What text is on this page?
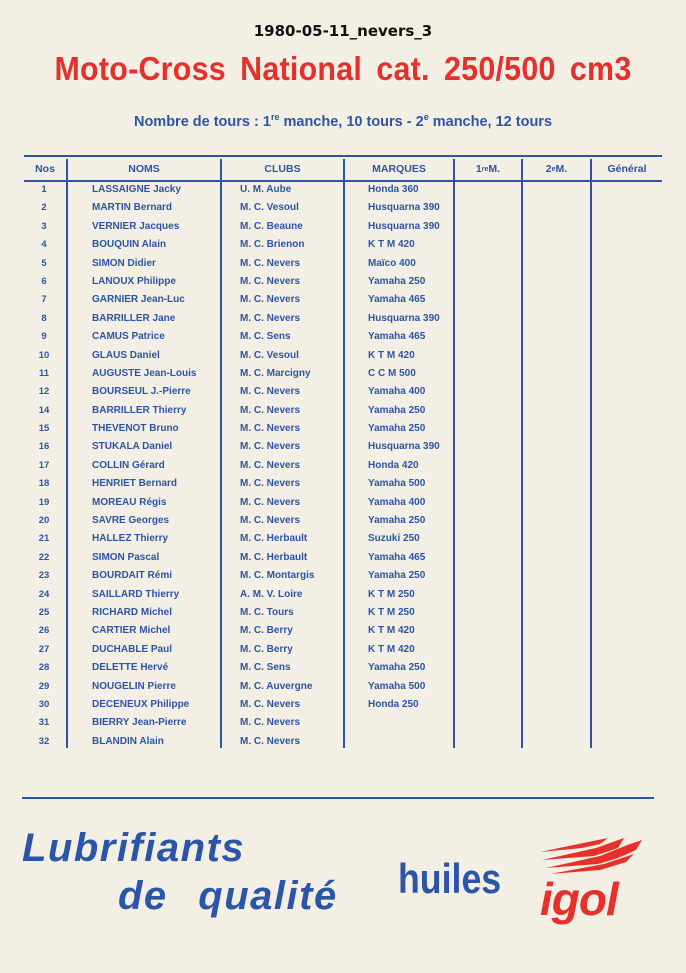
1980-05-11_nevers_3
Moto-Cross National cat. 250/500 cm3
Nombre de tours : 1re manche, 10 tours - 2e manche, 12 tours
Nos	NOMS	CLUBS	MARQUES	1 re M.	2 e M.	Général
1	LASSAIGNE Jacky	U. M. Aube	Honda 360
2	MARTIN Bernard	M. C. Vesoul	Husquarna 390
3	VERNIER Jacques	M. C. Beaune	Husquarna 390
4	BOUQUIN Alain	M. C. Brienon	K T M 420
5	SIMON Didier	M. C. Nevers	Maïco 400
6	LANOUX Philippe	M. C. Nevers	Yamaha 250
7	GARNIER Jean-Luc	M. C. Nevers	Yamaha 465
8	BARRILLER Jane	M. C. Nevers	Husquarna 390
9	CAMUS Patrice	M. C. Sens	Yamaha 465
10	GLAUS Daniel	M. C. Vesoul	K T M 420
11	AUGUSTE Jean-Louis	M. C. Marcigny	C C M 500
12	BOURSEUL J.-Pierre	M. C. Nevers	Yamaha 400
14	BARRILLER Thierry	M. C. Nevers	Yamaha 250
15	THEVENOT Bruno	M. C. Nevers	Yamaha 250
16	STUKALA Daniel	M. C. Nevers	Husquarna 390
17	COLLIN Gérard	M. C. Nevers	Honda 420
18	HENRIET Bernard	M. C. Nevers	Yamaha 500
19	MOREAU Régis	M. C. Nevers	Yamaha 400
20	SAVRE Georges	M. C. Nevers	Yamaha 250
21	HALLEZ Thierry	M. C. Herbault	Suzuki 250
22	SIMON Pascal	M. C. Herbault	Yamaha 465
23	BOURDAIT Rémi	M. C. Montargis	Yamaha 250
24	SAILLARD Thierry	A. M. V. Loire	K T M 250
25	RICHARD Michel	M. C. Tours	K T M 250
26	CARTIER Michel	M. C. Berry	K T M 420
27	DUCHABLE Paul	M. C. Berry	K T M 420
28	DELETTE Hervé	M. C. Sens	Yamaha 250
29	NOUGELIN Pierre	M. C. Auvergne	Yamaha 500
30	DECENEUX Philippe	M. C. Nevers	Honda 250
31	BIERRY Jean-Pierre	M. C. Nevers
32	BLANDIN Alain	M. C. Nevers
Lubrifiants
de qualité huiles igol
